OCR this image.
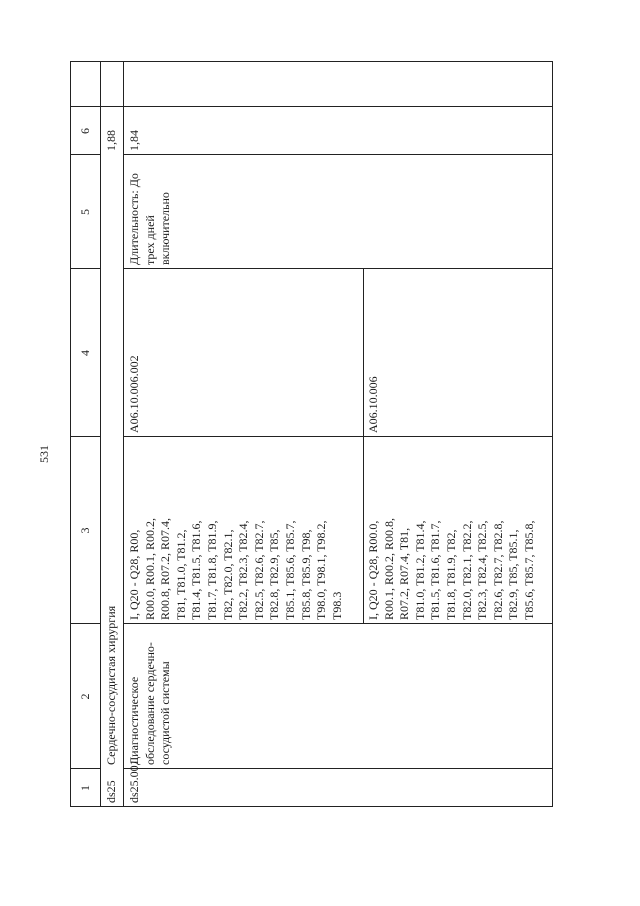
531
1
2
3
4
5
6
ds25
Сердечно-сосудистая хирургия
1,88
ds25.001
Диагностическое обследование сердечно-сосудистой системы
I, Q20 - Q28, R00,
R00.0, R00.1, R00.2,
R00.8, R07.2, R07.4,
T81, T81.0, T81.2,
T81.4, T81.5, T81.6,
T81.7, T81.8, T81.9,
T82, T82.0, T82.1,
T82.2, T82.3, T82.4,
T82.5, T82.6, T82.7,
T82.8, T82.9, T85,
T85.1, T85.6, T85.7,
T85.8, T85.9, T98,
T98.0, T98.1, T98.2,
T98.3
A06.10.006.002
I, Q20 - Q28, R00.0,
R00.1, R00.2, R00.8,
R07.2, R07.4, T81,
T81.0, T81.2, T81.4,
T81.5, T81.6, T81.7,
T81.8, T81.9, T82,
T82.0, T82.1, T82.2,
T82.3, T82.4, T82.5,
T82.6, T82.7, T82.8,
T82.9, T85, T85.1,
T85.6, T85.7, T85.8,
A06.10.006
Длительность: До
трех дней
включительно
1,84
